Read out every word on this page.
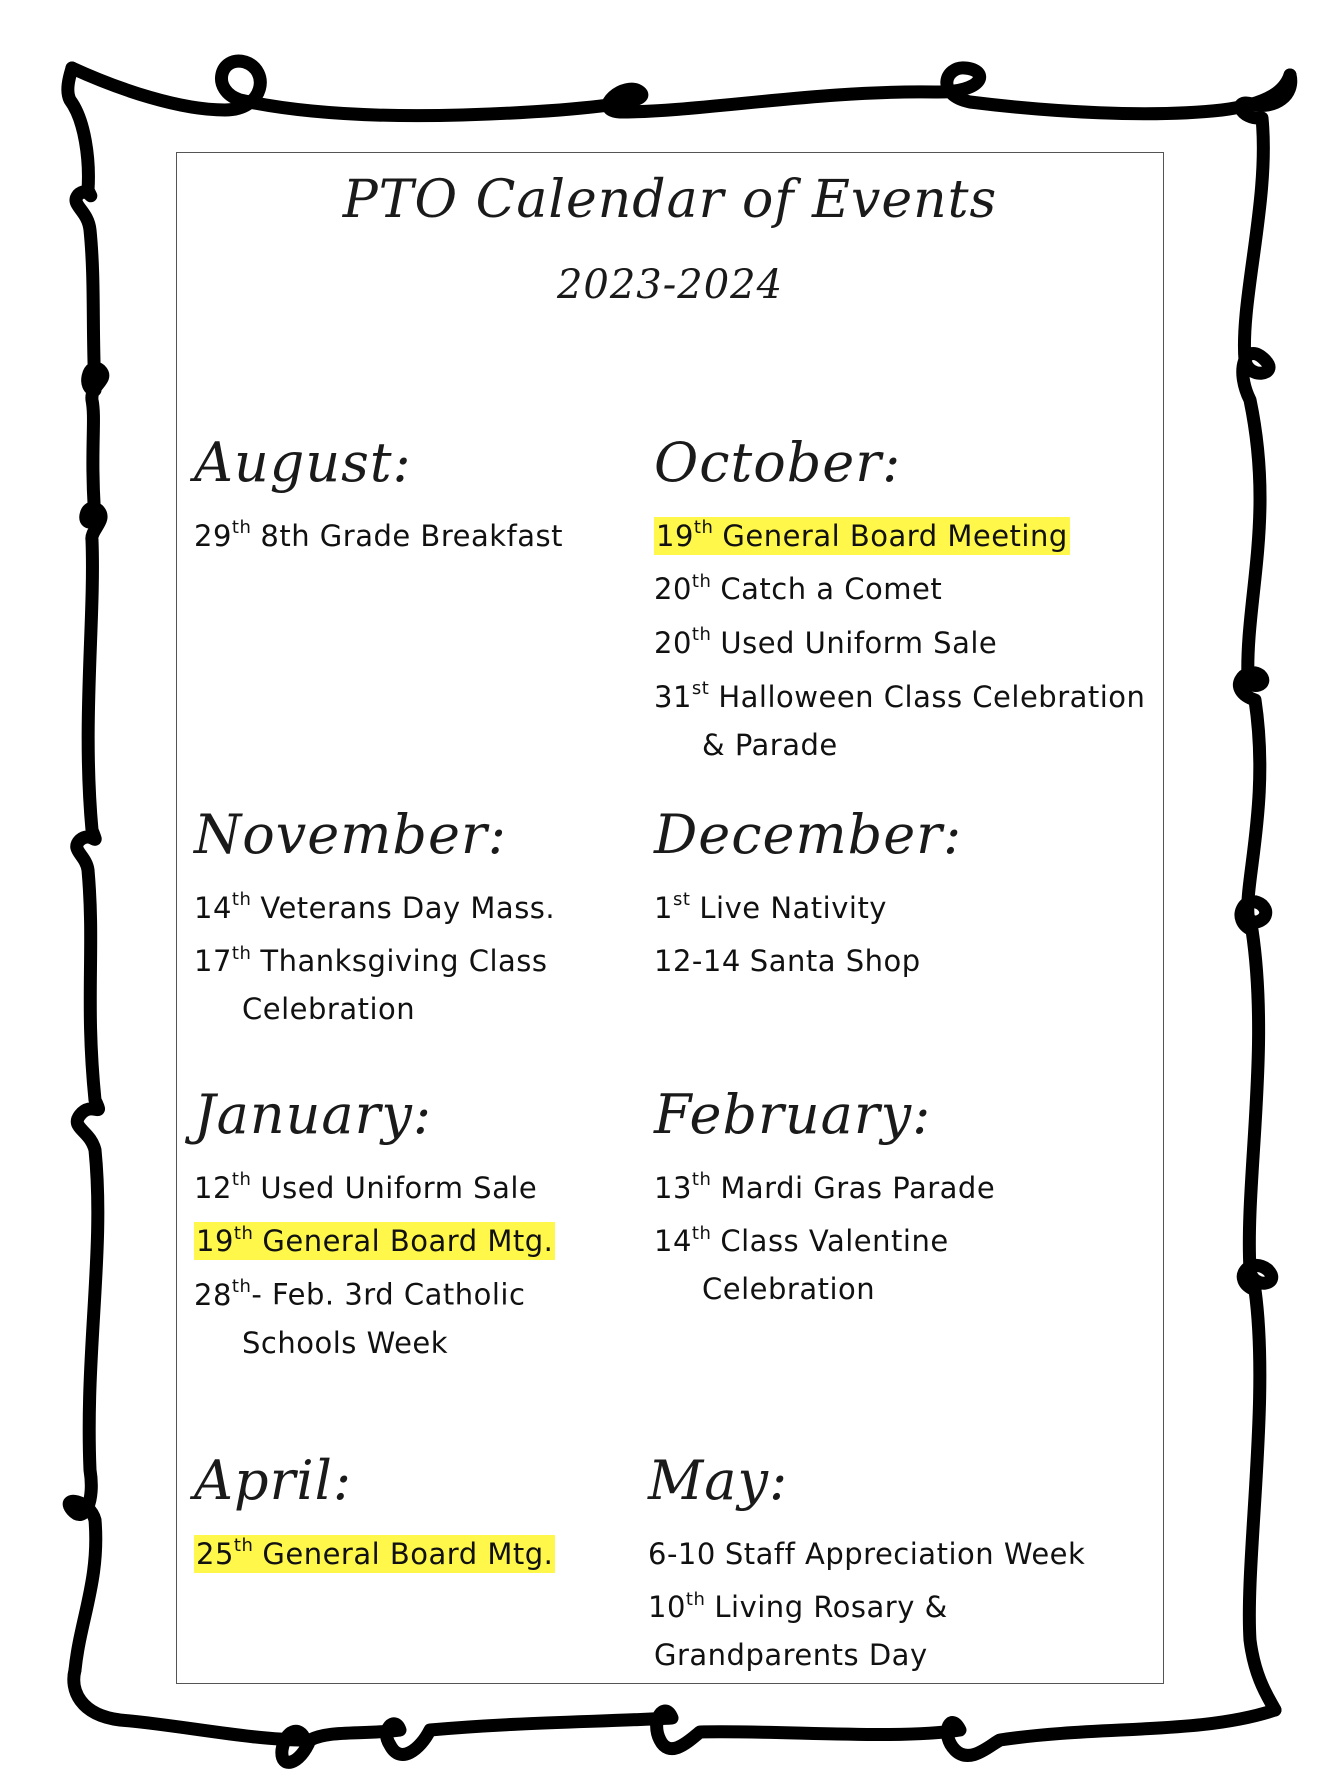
PTO Calendar of Events
2023-2024
August:
29th 8th Grade Breakfast
October:
19th General Board Meeting
20th Catch a Comet
20th Used Uniform Sale
31st Halloween Class Celebration
& Parade
November:
14th Veterans Day Mass.
17th Thanksgiving Class
Celebration
December:
1st Live Nativity
12-14 Santa Shop
January:
12th Used Uniform Sale
19th General Board Mtg.
28th- Feb. 3rd Catholic
Schools Week
February:
13th Mardi Gras Parade
14th Class Valentine
Celebration
April:
25th General Board Mtg.
May:
6-10 Staff Appreciation Week
10th Living Rosary &
Grandparents Day
